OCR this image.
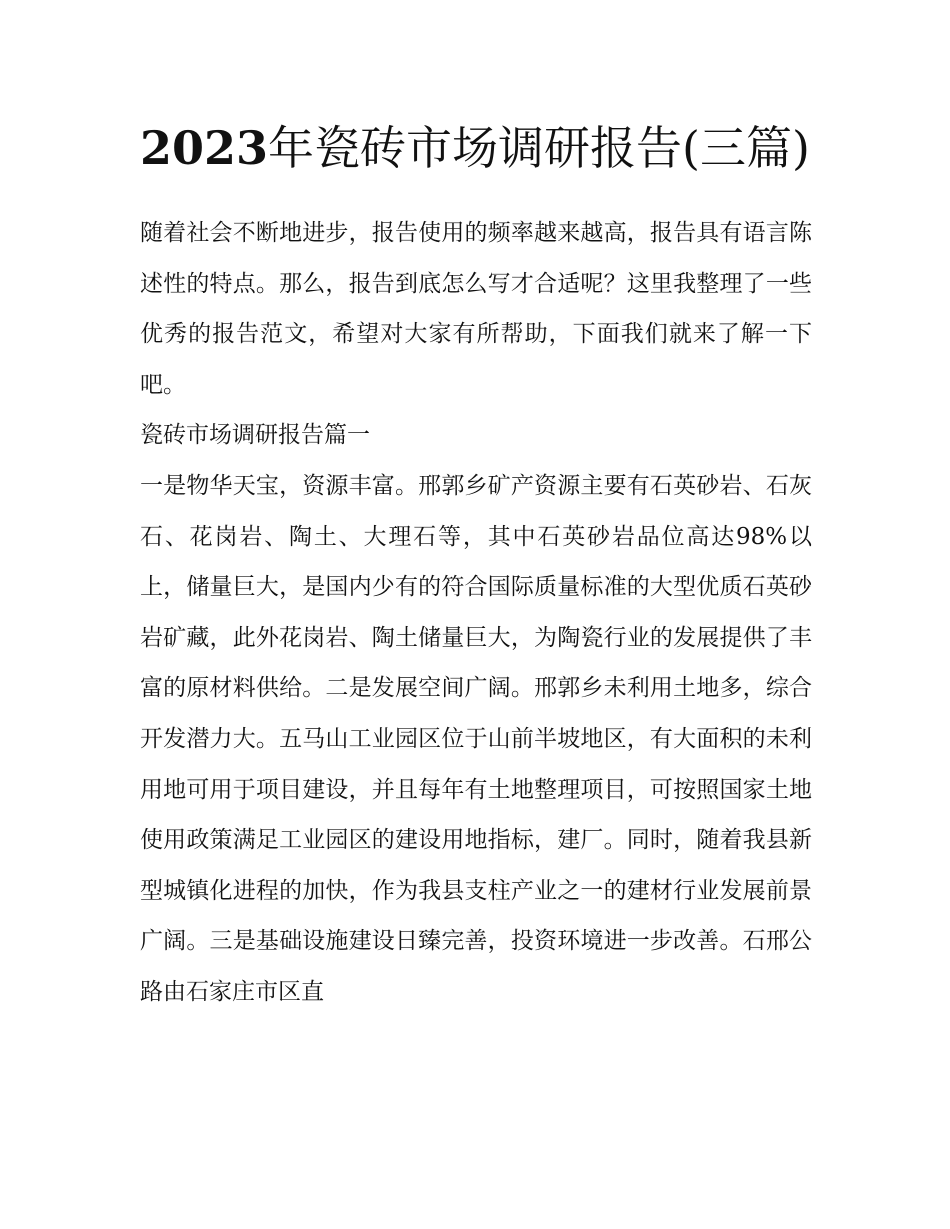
2023年瓷砖市场调研报告(三篇)

随着社会不断地进步，报告使用的频率越来越高，报告具有语言陈述性的特点。那么，报告到底怎么写才合适呢？这里我整理了一些优秀的报告范文，希望对大家有所帮助，下面我们就来了解一下吧。

瓷砖市场调研报告篇一

一是物华天宝，资源丰富。邢郭乡矿产资源主要有石英砂岩、石灰石、花岗岩、陶土、大理石等，其中石英砂岩品位高达98%以上，储量巨大，是国内少有的符合国际质量标准的大型优质石英砂岩矿藏，此外花岗岩、陶土储量巨大，为陶瓷行业的发展提供了丰富的原材料供给。二是发展空间广阔。邢郭乡未利用土地多，综合开发潜力大。五马山工业园区位于山前半坡地区，有大面积的未利用地可用于项目建设，并且每年有土地整理项目，可按照国家土地使用政策满足工业园区的建设用地指标，建厂。同时，随着我县新型城镇化进程的加快，作为我县支柱产业之一的建材行业发展前景广阔。三是基础设施建设日臻完善，投资环境进一步改善。石邢公路由石家庄市区直
